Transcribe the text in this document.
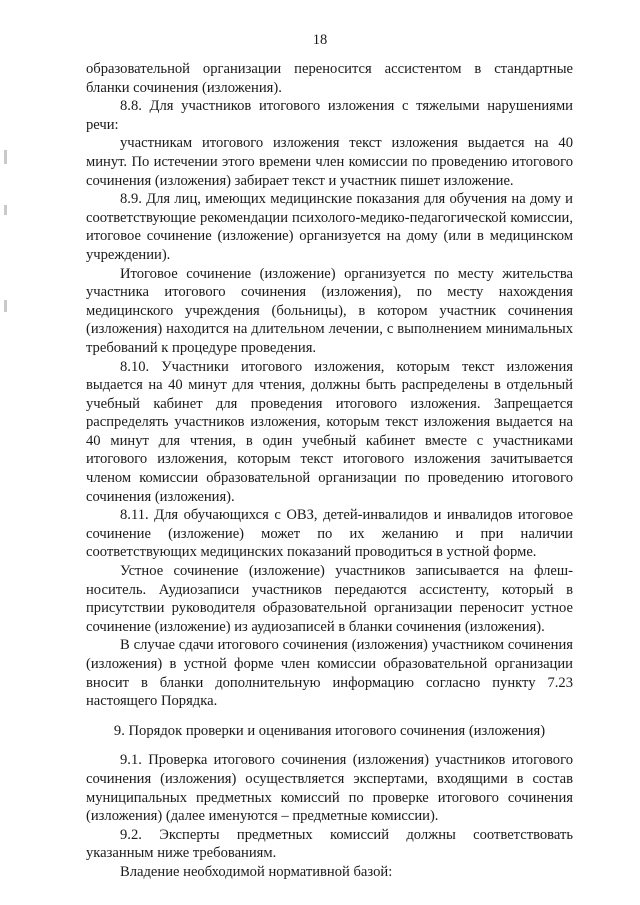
18

образовательной организации переносится ассистентом в стандартные бланки сочинения (изложения).

8.8. Для участников итогового изложения с тяжелыми нарушениями речи:

участникам итогового изложения текст изложения выдается на 40 минут. По истечении этого времени член комиссии по проведению итогового сочинения (изложения) забирает текст и участник пишет изложение.

8.9. Для лиц, имеющих медицинские показания для обучения на дому и соответствующие рекомендации психолого-медико-педагогической комиссии, итоговое сочинение (изложение) организуется на дому (или в медицинском учреждении).

Итоговое сочинение (изложение) организуется по месту жительства участника итогового сочинения (изложения), по месту нахождения медицинского учреждения (больницы), в котором участник сочинения (изложения) находится на длительном лечении, с выполнением минимальных требований к процедуре проведения.

8.10. Участники итогового изложения, которым текст изложения выдается на 40 минут для чтения, должны быть распределены в отдельный учебный кабинет для проведения итогового изложения. Запрещается распределять участников изложения, которым текст изложения выдается на 40 минут для чтения, в один учебный кабинет вместе с участниками итогового изложения, которым текст итогового изложения зачитывается членом комиссии образовательной организации по проведению итогового сочинения (изложения).

8.11. Для обучающихся с ОВЗ, детей-инвалидов и инвалидов итоговое сочинение (изложение) может по их желанию и при наличии соответствующих медицинских показаний проводиться в устной форме.

Устное сочинение (изложение) участников записывается на флеш-носитель. Аудиозаписи участников передаются ассистенту, который в присутствии руководителя образовательной организации переносит устное сочинение (изложение) из аудиозаписей в бланки сочинения (изложения).

В случае сдачи итогового сочинения (изложения) участником сочинения (изложения) в устной форме член комиссии образовательной организации вносит в бланки дополнительную информацию согласно пункту 7.23 настоящего Порядка.

9. Порядок проверки и оценивания итогового сочинения (изложения)

9.1. Проверка итогового сочинения (изложения) участников итогового сочинения (изложения) осуществляется экспертами, входящими в состав муниципальных предметных комиссий по проверке итогового сочинения (изложения) (далее именуются – предметные комиссии).

9.2. Эксперты предметных комиссий должны соответствовать указанным ниже требованиям.

Владение необходимой нормативной базой:
